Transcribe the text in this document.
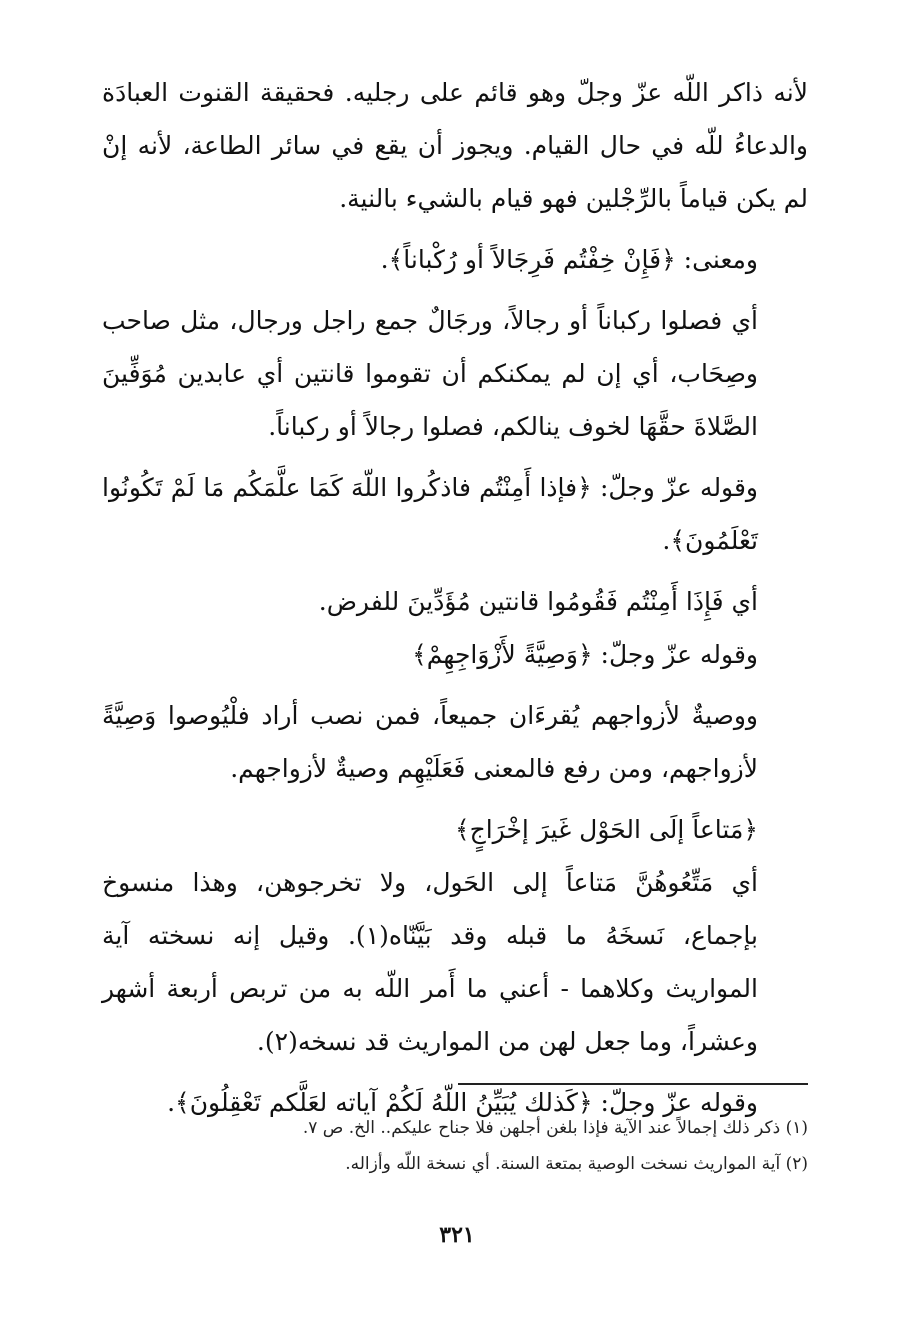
لأنه ذاكر اللّه عزّ وجلّ وهو قائم على رجليه. فحقيقة القنوت العبادَة والدعاءُ للّه في حال القيام. ويجوز أن يقع في سائر الطاعة، لأنه إنْ لم يكن قياماً بالرِّجْلين فهو قيام بالشيء بالنية.

ومعنى: ﴿فَإِنْ خِفْتُم فَرِجَالاً أو رُكْباناً﴾.

أي فصلوا ركباناً أو رجالاً، ورجَالٌ جمع راجل ورجال، مثل صاحب وصِحَاب، أي إن لم يمكنكم أن تقوموا قانتين أي عابدين مُوَفِّينَ الصَّلاةَ حقَّهَا لخوف ينالكم، فصلوا رجالاً أو ركباناً.

وقوله عزّ وجلّ: ﴿فإذا أَمِنْتُم فاذكُروا اللّهَ كَمَا علَّمَكُم مَا لَمْ تَكُونُوا تَعْلَمُونَ﴾.

أي فَإِذَا أَمِنْتُم فَقُومُوا قانتين مُؤَدِّينَ للفرض.

وقوله عزّ وجلّ: ﴿وَصِيَّةً لأَزْوَاجِهِمْ﴾

ووصيةٌ لأزواجهم يُقرءَان جميعاً، فمن نصب أراد فلْيُوصوا وَصِيَّةً لأزواجهم، ومن رفع فالمعنى فَعَلَيْهِم وصيةٌ لأزواجهم.

﴿مَتاعاً إلَى الحَوْل غَيرَ إخْرَاجٍ﴾

أي مَتِّعُوهُنَّ مَتاعاً إلى الحَول، ولا تخرجوهن، وهذا منسوخ بإجماع، نَسخَهُ ما قبله وقد بَيَّنّاه(١). وقيل إنه نسخته آية المواريث وكلاهما - أعني ما أَمر اللّه به من تربص أربعة أشهر وعشراً، وما جعل لهن من المواريث قد نسخه(٢).

وقوله عزّ وجلّ: ﴿كَذلك يُبَيِّنُ اللّهُ لَكُمْ آياته لعَلَّكم تَعْقِلُونَ﴾.

(١) ذكر ذلك إجمالاً عند الآية فإذا بلغن أجلهن فلا جناح عليكم.. الخ. ص ٧.

(٢) آية المواريث نسخت الوصية بمتعة السنة. أي نسخة اللّه وأزاله.

٣٢١
